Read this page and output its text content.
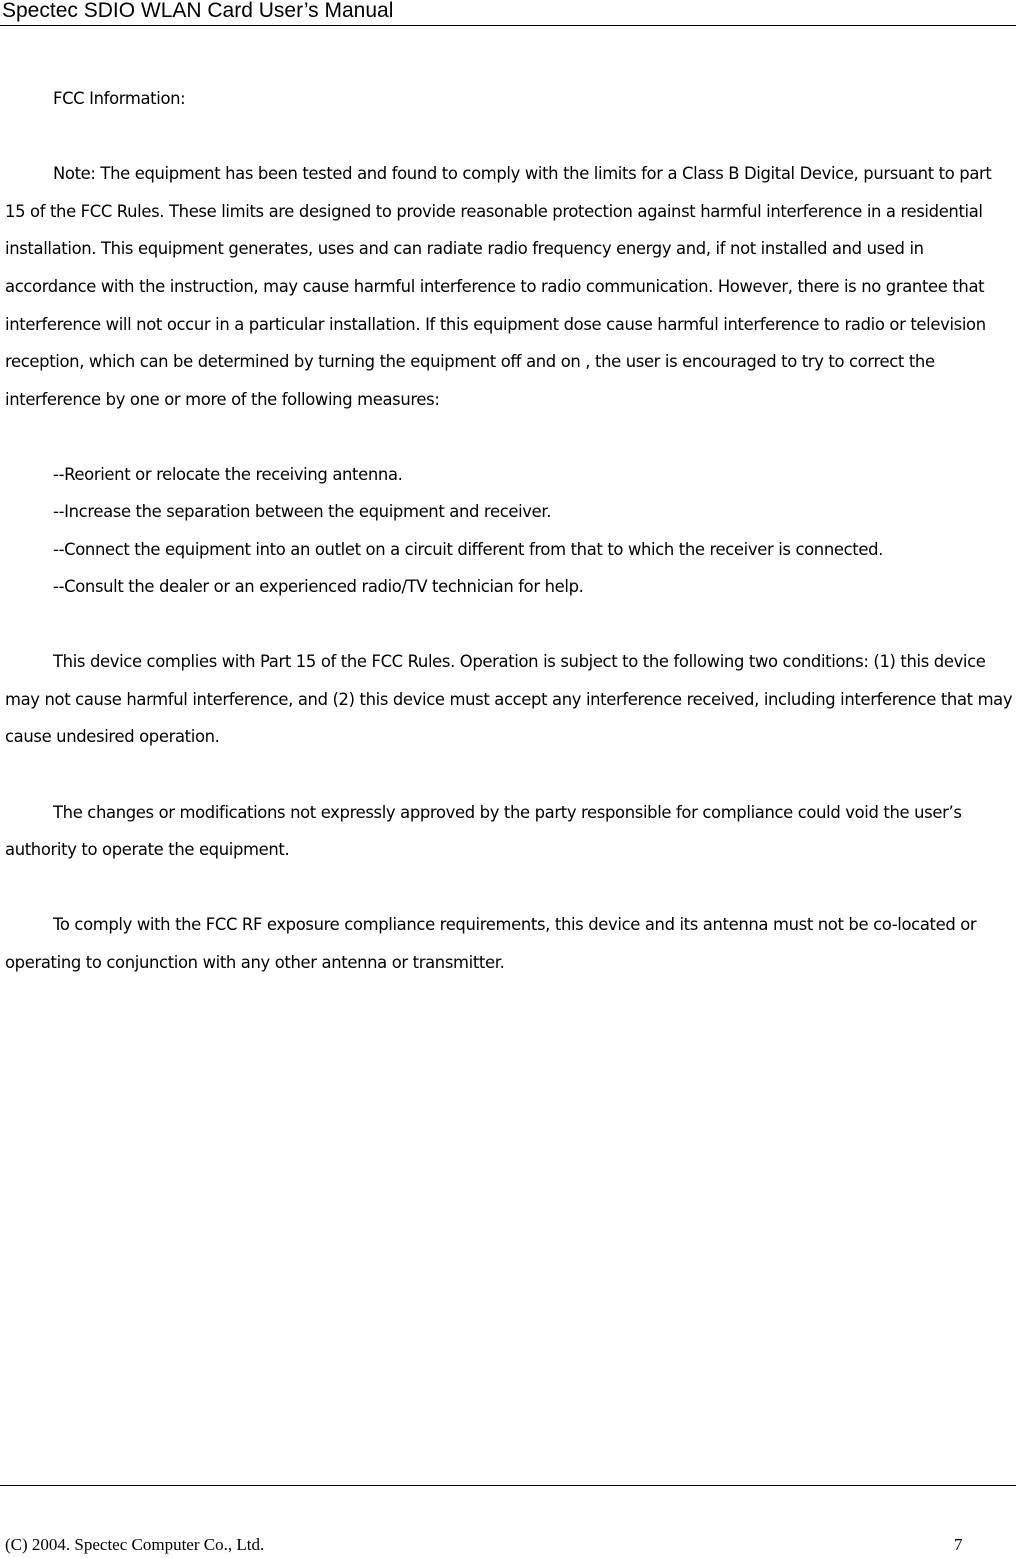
Spectec SDIO WLAN Card User’s Manual

FCC Information:

Note: The equipment has been tested and found to comply with the limits for a Class B Digital Device, pursuant to part 15 of the FCC Rules. These limits are designed to provide reasonable protection against harmful interference in a residential installation. This equipment generates, uses and can radiate radio frequency energy and, if not installed and used in accordance with the instruction, may cause harmful interference to radio communication. However, there is no grantee that interference will not occur in a particular installation. If this equipment dose cause harmful interference to radio or television reception, which can be determined by turning the equipment off and on , the user is encouraged to try to correct the interference by one or more of the following measures:

--Reorient or relocate the receiving antenna.

--Increase the separation between the equipment and receiver.

--Connect the equipment into an outlet on a circuit different from that to which the receiver is connected.

--Consult the dealer or an experienced radio/TV technician for help.

This device complies with Part 15 of the FCC Rules. Operation is subject to the following two conditions: (1) this device may not cause harmful interference, and (2) this device must accept any interference received, including interference that may cause undesired operation.

The changes or modifications not expressly approved by the party responsible for compliance could void the user’s authority to operate the equipment.

To comply with the FCC RF exposure compliance requirements, this device and its antenna must not be co-located or operating to conjunction with any other antenna or transmitter.

(C) 2004. Spectec Computer Co., Ltd.	7
